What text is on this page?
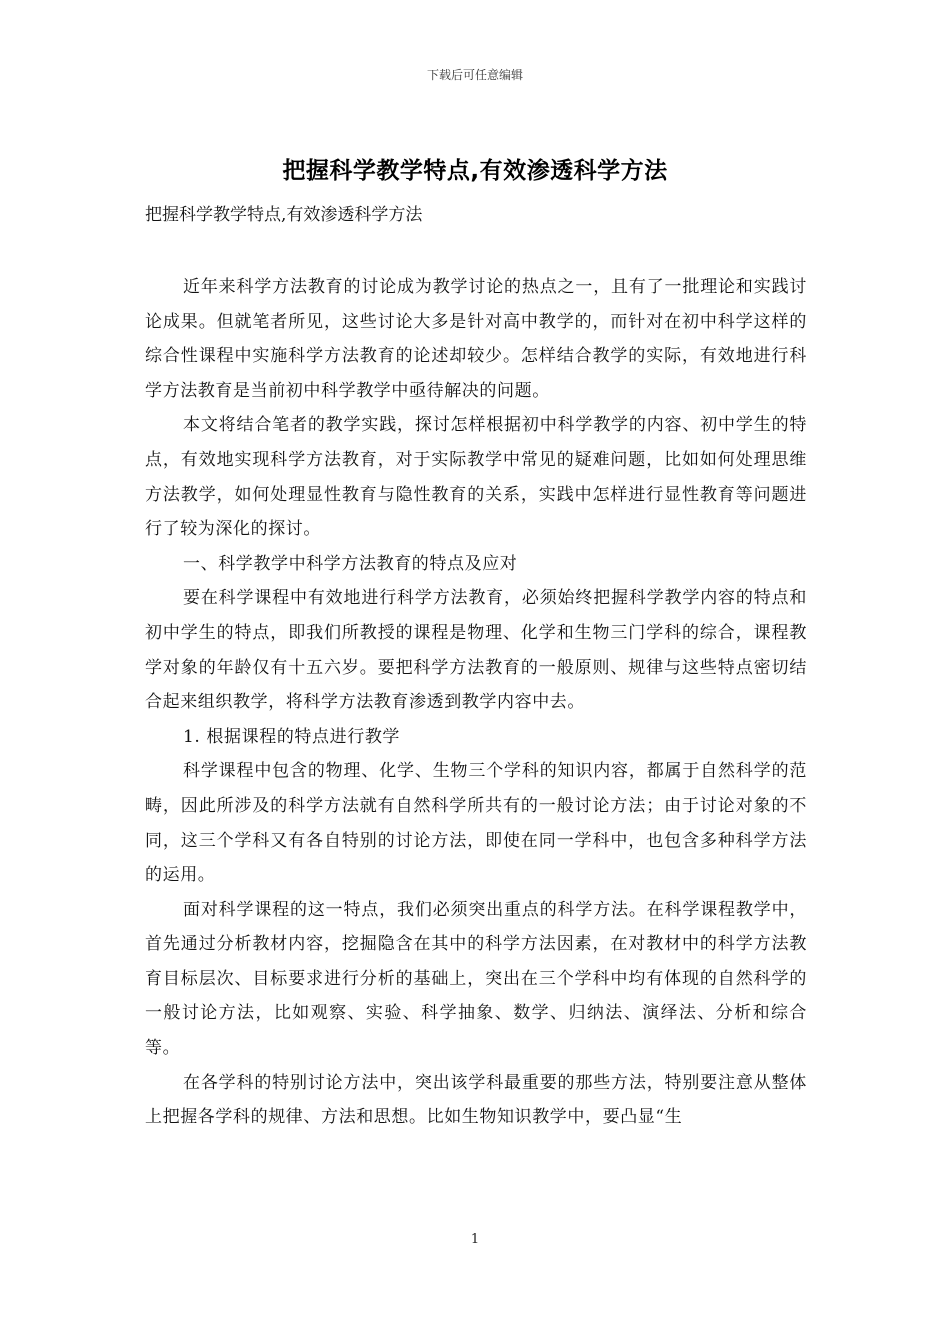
下载后可任意编辑
把握科学教学特点,有效渗透科学方法
把握科学教学特点,有效渗透科学方法

近年来科学方法教育的讨论成为教学讨论的热点之一，且有了一批理论和实践讨论成果。但就笔者所见，这些讨论大多是针对高中教学的，而针对在初中科学这样的综合性课程中实施科学方法教育的论述却较少。怎样结合教学的实际，有效地进行科学方法教育是当前初中科学教学中亟待解决的问题。

本文将结合笔者的教学实践，探讨怎样根据初中科学教学的内容、初中学生的特点，有效地实现科学方法教育，对于实际教学中常见的疑难问题，比如如何处理思维方法教学，如何处理显性教育与隐性教育的关系，实践中怎样进行显性教育等问题进行了较为深化的探讨。

一、科学教学中科学方法教育的特点及应对

要在科学课程中有效地进行科学方法教育，必须始终把握科学教学内容的特点和初中学生的特点，即我们所教授的课程是物理、化学和生物三门学科的综合，课程教学对象的年龄仅有十五六岁。要把科学方法教育的一般原则、规律与这些特点密切结合起来组织教学，将科学方法教育渗透到教学内容中去。

1. 根据课程的特点进行教学

科学课程中包含的物理、化学、生物三个学科的知识内容，都属于自然科学的范畴，因此所涉及的科学方法就有自然科学所共有的一般讨论方法；由于讨论对象的不同，这三个学科又有各自特别的讨论方法，即使在同一学科中，也包含多种科学方法的运用。

面对科学课程的这一特点，我们必须突出重点的科学方法。在科学课程教学中，首先通过分析教材内容，挖掘隐含在其中的科学方法因素，在对教材中的科学方法教育目标层次、目标要求进行分析的基础上，突出在三个学科中均有体现的自然科学的一般讨论方法，比如观察、实验、科学抽象、数学、归纳法、演绎法、分析和综合等。

在各学科的特别讨论方法中，突出该学科最重要的那些方法，特别要注意从整体上把握各学科的规律、方法和思想。比如生物知识教学中，要凸显“生

1
